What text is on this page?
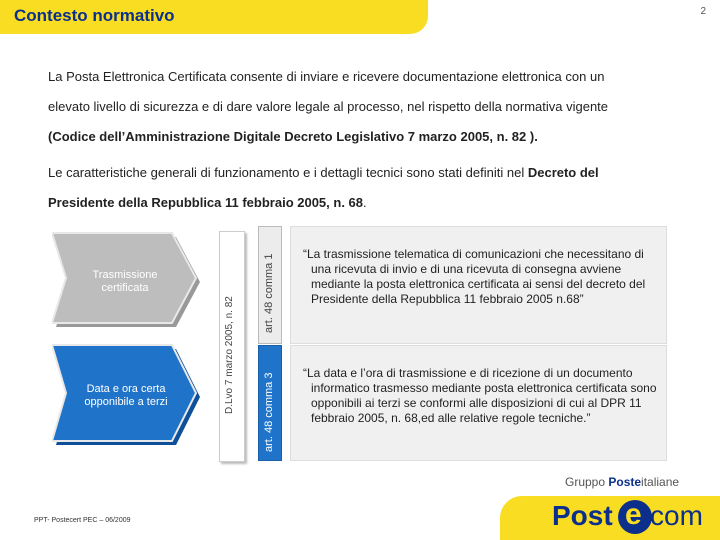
Contesto normativo	2
La Posta Elettronica Certificata consente di inviare e ricevere documentazione elettronica con un
elevato livello di sicurezza e di dare valore legale al processo, nel rispetto della normativa vigente
(Codice dell’Amministrazione Digitale Decreto Legislativo 7 marzo 2005, n. 82 ).
Le caratteristiche generali di funzionamento e i dettagli tecnici sono stati definiti nel Decreto del
Presidente della Repubblica 11 febbraio 2005, n. 68.
Trasmissione certificata
Data e ora certa opponibile a terzi	D.Lvo 7 marzo 2005, n. 82
art. 48 comma 1
art. 48 comma 3
“La trasmissione telematica di comunicazioni che necessitano di una ricevuta di invio e di una ricevuta di consegna avviene mediante la posta elettronica certificata ai sensi del decreto del Presidente della Repubblica 11 febbraio 2005 n.68”
“La data e l’ora di trasmissione e di ricezione di un documento informatico trasmesso mediante posta elettronica certificata sono opponibili ai terzi se conformi alle disposizioni di cui al DPR 11 febbraio 2005, n. 68,ed alle relative regole tecniche.”
PPT- Postecert PEC – 06/2009
Gruppo Posteitaliane
Post e com
